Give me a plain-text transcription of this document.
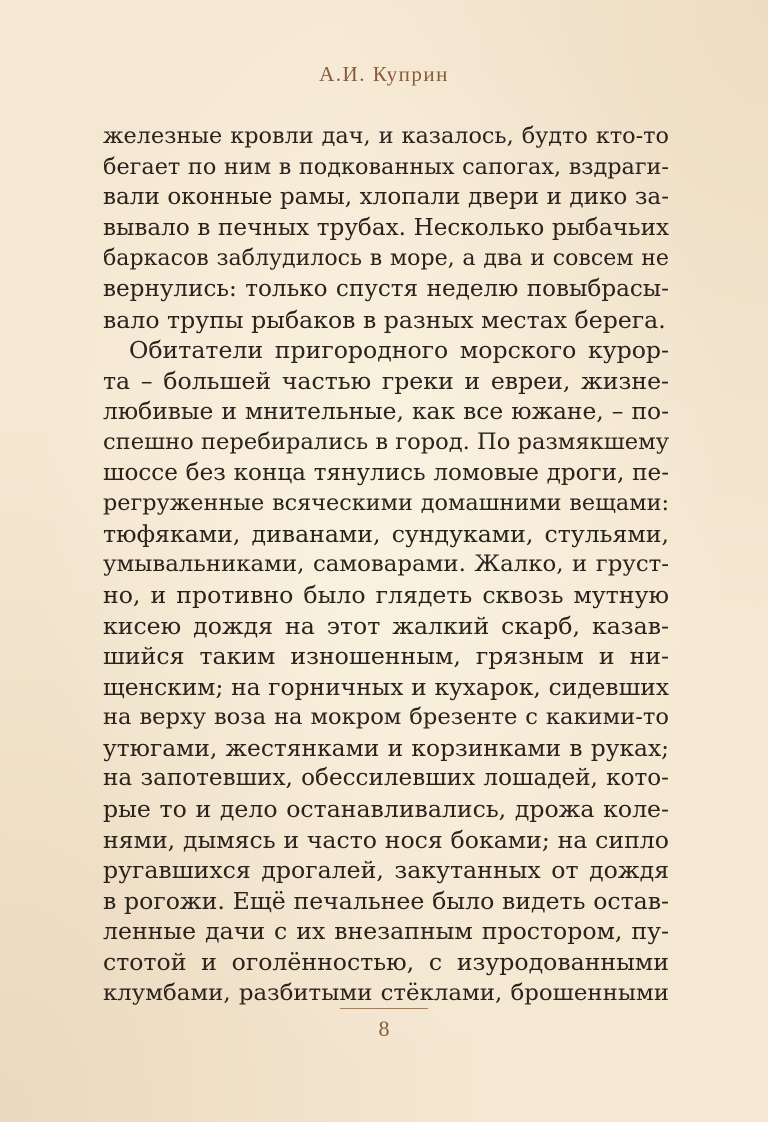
А.И. Куприн
железные кровли дач, и казалось, будто кто-то
бегает по ним в подкованных сапогах, вздраги-
вали оконные рамы, хлопали двери и дико за-
вывало в печных трубах. Несколько рыбачьих
баркасов заблудилось в море, а два и совсем не
вернулись: только спустя неделю повыбрасы-
вало трупы рыбаков в разных местах берега.
Обитатели пригородного морского курор-
та – большей частью греки и евреи, жизне-
любивые и мнительные, как все южане, – по-
спешно перебирались в город. По размякшему
шоссе без конца тянулись ломовые дроги, пе-
регруженные всяческими домашними вещами:
тюфяками, диванами, сундуками, стульями,
умывальниками, самоварами. Жалко, и груст-
но, и противно было глядеть сквозь мутную
кисею дождя на этот жалкий скарб, казав-
шийся таким изношенным, грязным и ни-
щенским; на горничных и кухарок, сидевших
на верху воза на мокром брезенте с какими-то
утюгами, жестянками и корзинками в руках;
на запотевших, обессилевших лошадей, кото-
рые то и дело останавливались, дрожа коле-
нями, дымясь и часто нося боками; на сипло
ругавшихся дрогалей, закутанных от дождя
в рогожи. Ещё печальнее было видеть остав-
ленные дачи с их внезапным простором, пу-
стотой и оголённостью, с изуродованными
клумбами, разбитыми стёклами, брошенными
8
